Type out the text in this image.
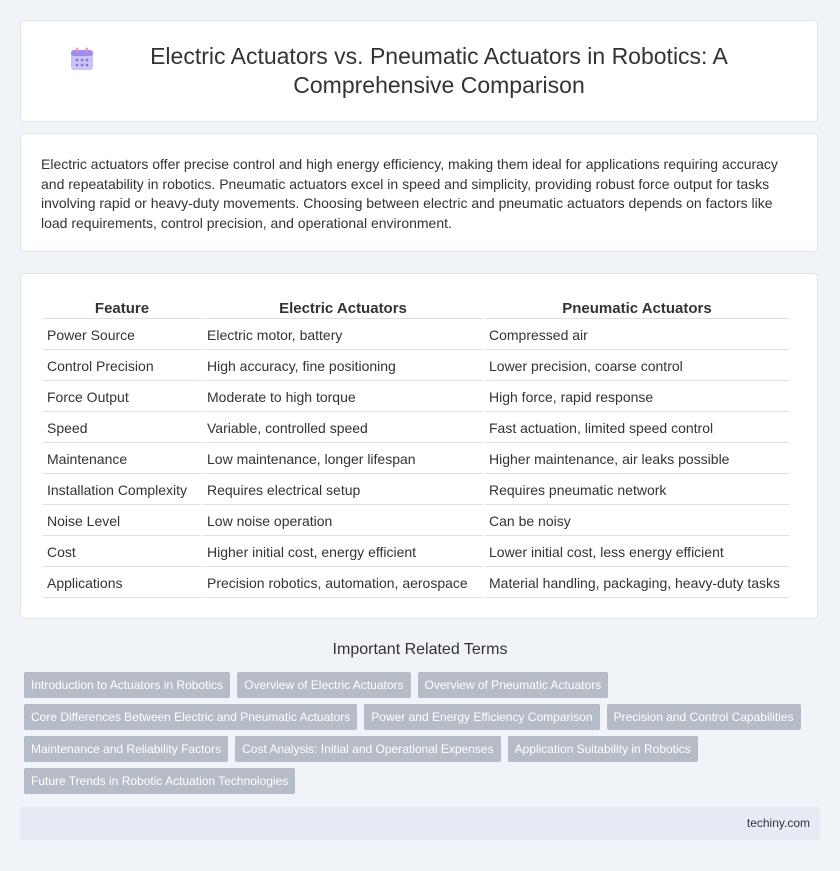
Electric Actuators vs. Pneumatic Actuators in Robotics: A Comprehensive Comparison

Electric actuators offer precise control and high energy efficiency, making them ideal for applications requiring accuracy and repeatability in robotics. Pneumatic actuators excel in speed and simplicity, providing robust force output for tasks involving rapid or heavy-duty movements. Choosing between electric and pneumatic actuators depends on factors like load requirements, control precision, and operational environment.

Feature	Electric Actuators	Pneumatic Actuators
Power Source	Electric motor, battery	Compressed air
Control Precision	High accuracy, fine positioning	Lower precision, coarse control
Force Output	Moderate to high torque	High force, rapid response
Speed	Variable, controlled speed	Fast actuation, limited speed control
Maintenance	Low maintenance, longer lifespan	Higher maintenance, air leaks possible
Installation Complexity	Requires electrical setup	Requires pneumatic network
Noise Level	Low noise operation	Can be noisy
Cost	Higher initial cost, energy efficient	Lower initial cost, less energy efficient
Applications	Precision robotics, automation, aerospace	Material handling, packaging, heavy-duty tasks
Important Related Terms
Introduction to Actuators in Robotics	Overview of Electric Actuators	Overview of Pneumatic Actuators
Core Differences Between Electric and Pneumatic Actuators	Power and Energy Efficiency Comparison	Precision and Control Capabilities
Maintenance and Reliability Factors	Cost Analysis: Initial and Operational Expenses	Application Suitability in Robotics
Future Trends in Robotic Actuation Technologies
techiny.com
